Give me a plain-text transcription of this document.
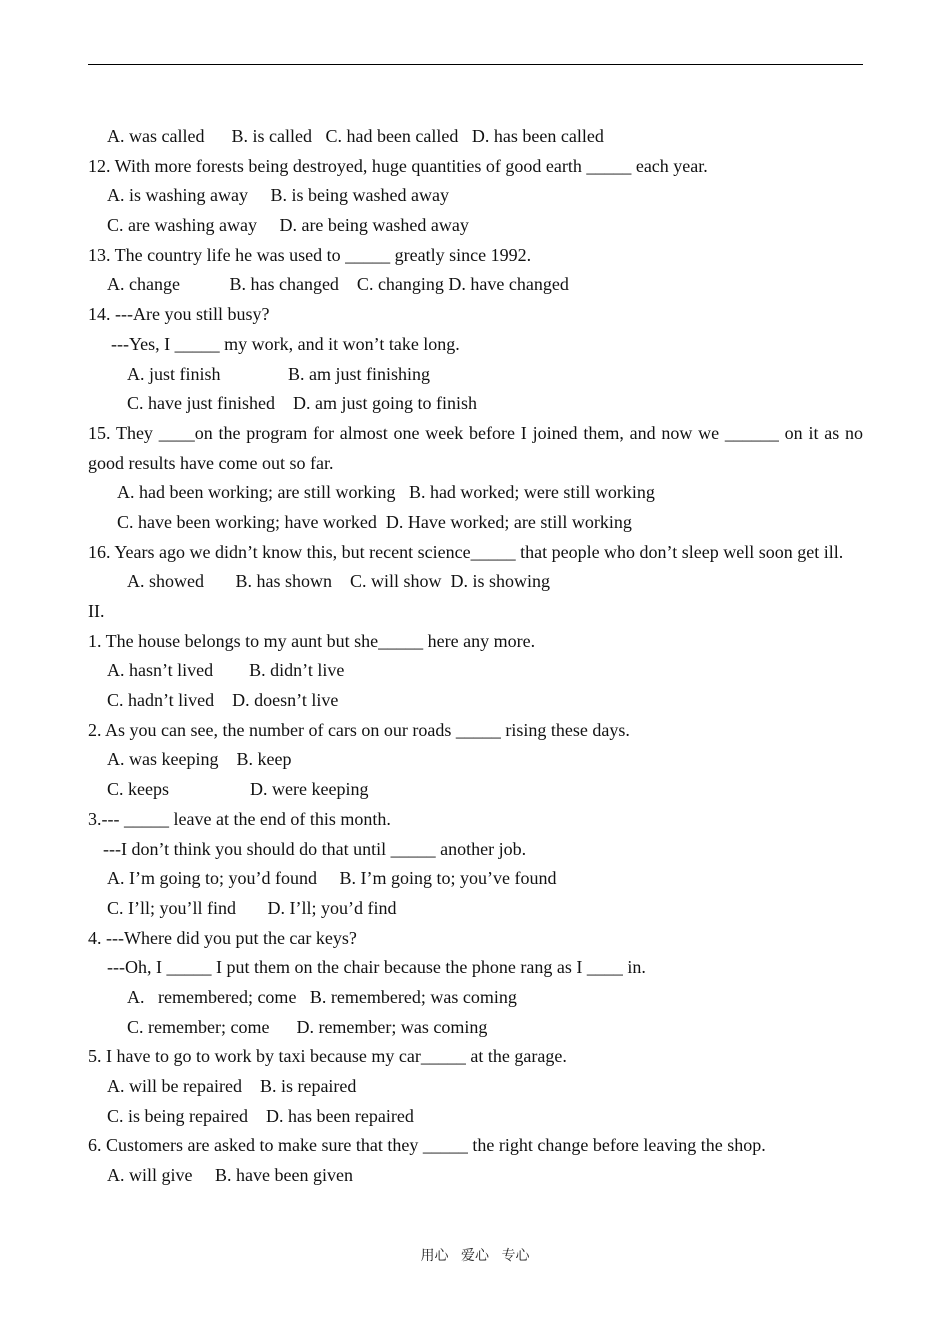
A. was called      B. is called   C. had been called   D. has been called
12. With more forests being destroyed, huge quantities of good earth _____ each year.
A. is washing away     B. is being washed away
C. are washing away     D. are being washed away
13. The country life he was used to _____ greatly since 1992.
A. change           B. has changed    C. changing D. have changed
14. ---Are you still busy?
---Yes, I _____ my work, and it won’t take long.
A. just finish               B. am just finishing
C. have just finished    D. am just going to finish
15. They ____on the program for almost one week before I joined them, and now we ______ on it as no good results have come out so far.
A. had been working; are still working   B. had worked; were still working
C. have been working; have worked  D. Have worked; are still working
16. Years ago we didn’t know this, but recent science_____ that people who don’t sleep well soon get ill.
A. showed       B. has shown    C. will show  D. is showing
II.
1. The house belongs to my aunt but she_____ here any more.
A. hasn’t lived        B. didn’t live
C. hadn’t lived    D. doesn’t live
2. As you can see, the number of cars on our roads _____ rising these days.
A. was keeping    B. keep
C. keeps                  D. were keeping
3.--- _____ leave at the end of this month.
---I don’t think you should do that until _____ another job.
A. I’m going to; you’d found     B. I’m going to; you’ve found
C. I’ll; you’ll find       D. I’ll; you’d find
4. ---Where did you put the car keys?
---Oh, I _____ I put them on the chair because the phone rang as I ____ in.
A.   remembered; come   B. remembered; was coming
C. remember; come      D. remember; was coming
5. I have to go to work by taxi because my car_____ at the garage.
A. will be repaired    B. is repaired
C. is being repaired    D. has been repaired
6. Customers are asked to make sure that they _____ the right change before leaving the shop.
A. will give     B. have been given
用心 爱心 专心
